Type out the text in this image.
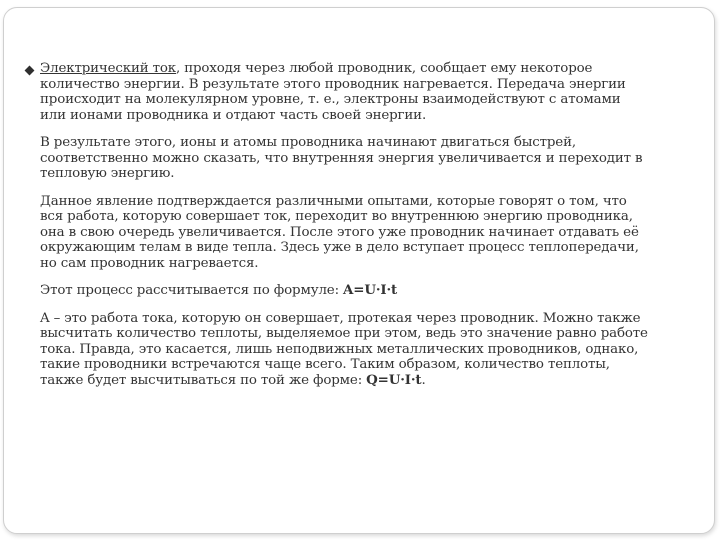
Электрический ток, проходя через любой проводник, сообщает ему некоторое количество энергии. В результате этого проводник нагревается. Передача энергии происходит на молекулярном уровне, т. е., электроны взаимодействуют с атомами или ионами проводника и отдают часть своей энергии.

В результате этого, ионы и атомы проводника начинают двигаться быстрей, соответственно можно сказать, что внутренняя энергия увеличивается и переходит в тепловую энергию.

Данное явление подтверждается различными опытами, которые говорят о том, что вся работа, которую совершает ток, переходит во внутреннюю энергию проводника, она в свою очередь увеличивается. После этого уже проводник начинает отдавать её окружающим телам в виде тепла. Здесь уже в дело вступает процесс теплопередачи, но сам проводник нагревается.

Этот процесс рассчитывается по формуле: A=U·I·t

A – это работа тока, которую он совершает, протекая через проводник. Можно также высчитать количество теплоты, выделяемое при этом, ведь это значение равно работе тока. Правда, это касается, лишь неподвижных металлических проводников, однако, такие проводники встречаются чаще всего. Таким образом, количество теплоты, также будет высчитываться по той же форме: Q=U·I·t.
